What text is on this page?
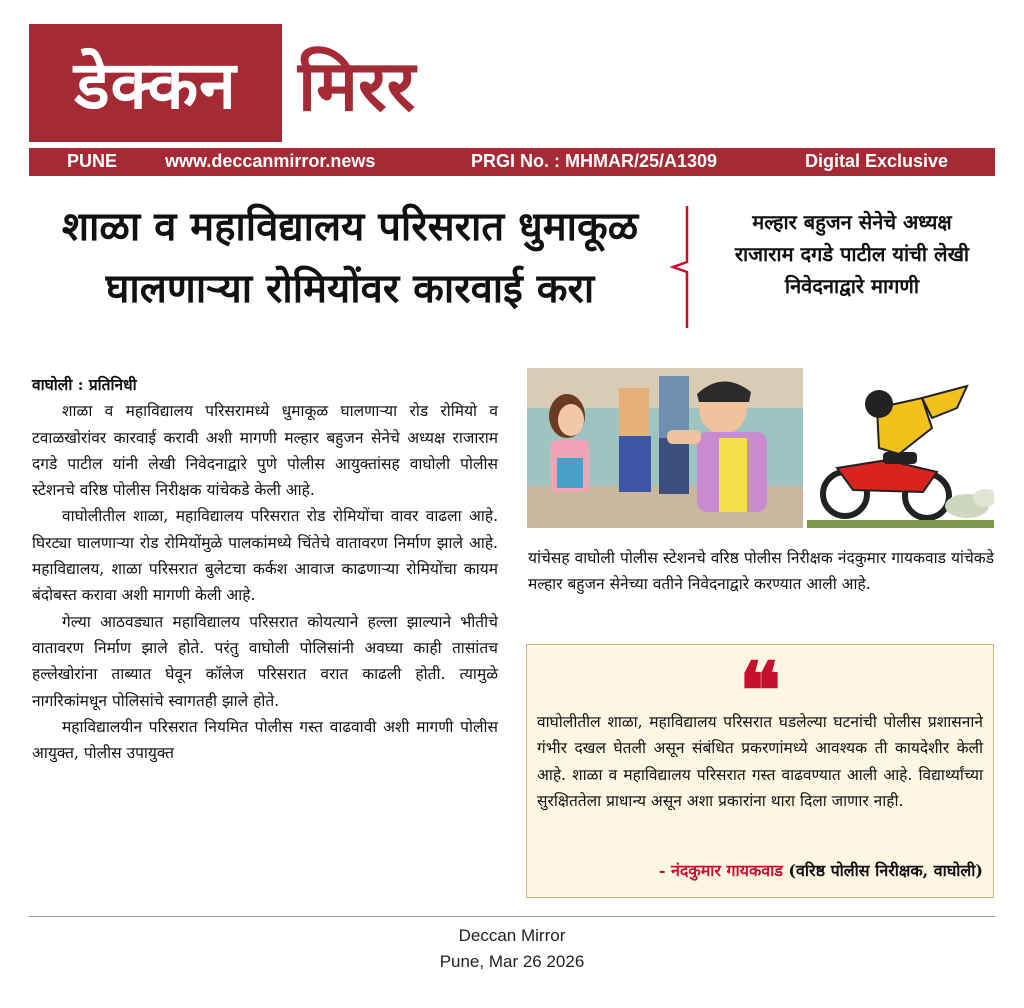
डेक्कन मिरर
PUNE	www.deccanmirror.news	PRGI No. : MHMAR/25/A1309	Digital Exclusive
शाळा व महाविद्यालय परिसरात धुमाकूळ
घालणाऱ्या रोमियोंवर कारवाई करा
मल्हार बहुजन सेनेचे अध्यक्ष
राजाराम दगडे पाटील यांची लेखी
निवेदनाद्वारे मागणी

वाघोली : प्रतिनिधी

शाळा व महाविद्यालय परिसरामध्ये धुमाकूळ घालणाऱ्या रोड रोमियो व टवाळखोरांवर कारवाई करावी अशी मागणी मल्हार बहुजन सेनेचे अध्यक्ष राजाराम दगडे पाटील यांनी लेखी निवेदनाद्वारे पुणे पोलीस आयुक्तांसह वाघोली पोलीस स्टेशनचे वरिष्ठ पोलीस निरीक्षक यांचेकडे केली आहे.

वाघोलीतील शाळा, महाविद्यालय परिसरात रोड रोमियोंचा वावर वाढला आहे. घिरट्या घालणाऱ्या रोड रोमियोंमुळे पालकांमध्ये चिंतेचे वातावरण निर्माण झाले आहे. महाविद्यालय, शाळा परिसरात बुलेटचा कर्कश आवाज काढणाऱ्या रोमियोंचा कायम बंदोबस्त करावा अशी मागणी केली आहे.

गेल्या आठवड्यात महाविद्यालय परिसरात कोयत्याने हल्ला झाल्याने भीतीचे वातावरण निर्माण झाले होते. परंतु वाघोली पोलिसांनी अवघ्या काही तासांतच हल्लेखोरांना ताब्यात घेवून कॉलेज परिसरात वरात काढली होती. त्यामुळे नागरिकांमधून पोलिसांचे स्वागतही झाले होते.

महाविद्यालयीन परिसरात नियमित पोलीस गस्त वाढवावी अशी मागणी पोलीस आयुक्त, पोलीस उपायुक्त

यांचेसह वाघोली पोलीस स्टेशनचे वरिष्ठ पोलीस निरीक्षक नंदकुमार गायकवाड यांचेकडे मल्हार बहुजन सेनेच्या वतीने निवेदनाद्वारे करण्यात आली आहे.
❝
वाघोलीतील शाळा, महाविद्यालय परिसरात घडलेल्या घटनांची पोलीस प्रशासनाने गंभीर दखल घेतली असून संबंधित प्रकरणांमध्ये आवश्यक ती कायदेशीर केली आहे. शाळा व महाविद्यालय परिसरात गस्त वाढवण्यात आली आहे. विद्यार्थ्यांच्या सुरक्षिततेला प्राधान्य असून अशा प्रकारांना थारा दिला जाणार नाही.
- नंदकुमार गायकवाड (वरिष्ठ पोलीस निरीक्षक, वाघोली)
Deccan Mirror
Pune, Mar 26 2026
